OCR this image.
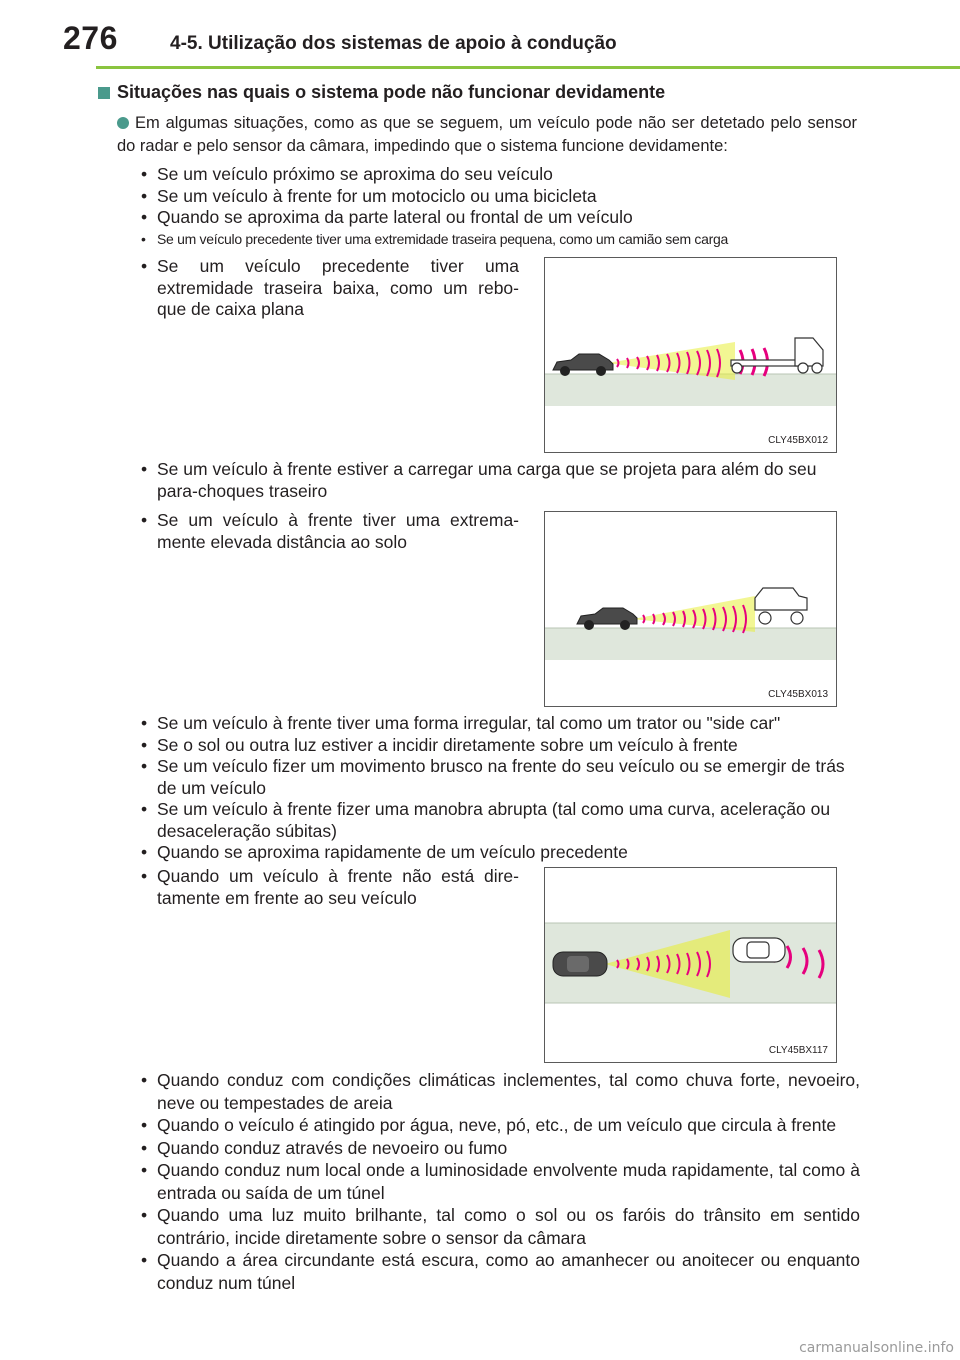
276	4-5. Utilização dos sistemas de apoio à condução
Situações nas quais o sistema pode não funcionar devidamente
Em algumas situações, como as que se seguem, um veículo pode não ser detetado pelo sensor do radar e pelo sensor da câmara, impedindo que o sistema funcione devidamente:
• Se um veículo próximo se aproxima do seu veículo
• Se um veículo à frente for um motociclo ou uma bicicleta
• Quando se aproxima da parte lateral ou frontal de um veículo
• Se um veículo precedente tiver uma extremidade traseira pequena, como um camião sem carga
• Se um veículo precedente tiver uma extremidade traseira baixa, como um rebo-que de caixa plana
CLY45BX012
• Se um veículo à frente estiver a carregar uma carga que se projeta para além do seu para-choques traseiro
• Se um veículo à frente tiver uma extrema-mente elevada distância ao solo
CLY45BX013
• Se um veículo à frente tiver uma forma irregular, tal como um trator ou "side car"
• Se o sol ou outra luz estiver a incidir diretamente sobre um veículo à frente
• Se um veículo fizer um movimento brusco na frente do seu veículo ou se emergir de trás de um veículo
• Se um veículo à frente fizer uma manobra abrupta (tal como uma curva, aceleração ou desaceleração súbitas)
• Quando se aproxima rapidamente de um veículo precedente
• Quando um veículo à frente não está dire-tamente em frente ao seu veículo
CLY45BX117
• Quando conduz com condições climáticas inclementes, tal como chuva forte, nevoeiro, neve ou tempestades de areia
• Quando o veículo é atingido por água, neve, pó, etc., de um veículo que circula à frente
• Quando conduz através de nevoeiro ou fumo
• Quando conduz num local onde a luminosidade envolvente muda rapidamente, tal como à entrada ou saída de um túnel
• Quando uma luz muito brilhante, tal como o sol ou os faróis do trânsito em sentido contrário, incide diretamente sobre o sensor da câmara
• Quando a área circundante está escura, como ao amanhecer ou anoitecer ou enquanto conduz num túnel
carmanualsonline.info
